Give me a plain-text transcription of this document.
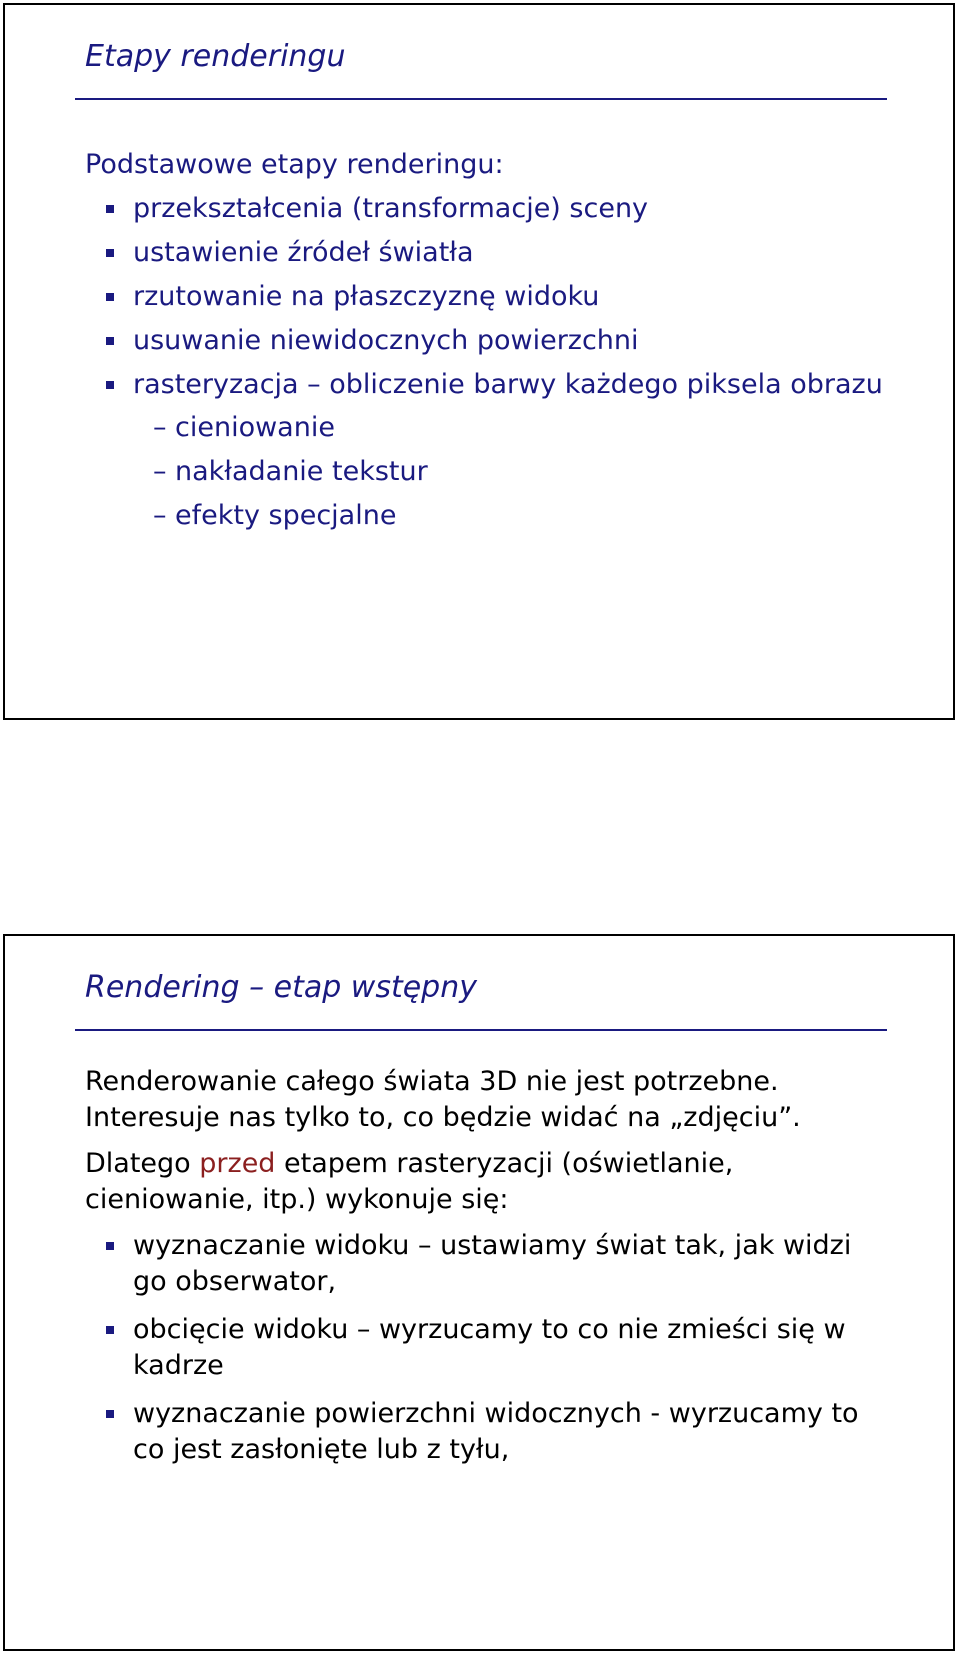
Etapy renderingu

Podstawowe etapy renderingu:

przekształcenia (transformacje) sceny
ustawienie źródeł światła
rzutowanie na płaszczyznę widoku
usuwanie niewidocznych powierzchni
rasteryzacja – obliczenie barwy każdego piksela obrazu
– cieniowanie
– nakładanie tekstur
– efekty specjalne
Rendering – etap wstępny

Renderowanie całego świata 3D nie jest potrzebne. Interesuje nas tylko to, co będzie widać na „zdjęciu”.

Dlatego przed etapem rasteryzacji (oświetlanie, cieniowanie, itp.) wykonuje się:

wyznaczanie widoku – ustawiamy świat tak, jak widzi go obserwator,
obcięcie widoku – wyrzucamy to co nie zmieści się w kadrze
wyznaczanie powierzchni widocznych - wyrzucamy to co jest zasłonięte lub z tyłu,
